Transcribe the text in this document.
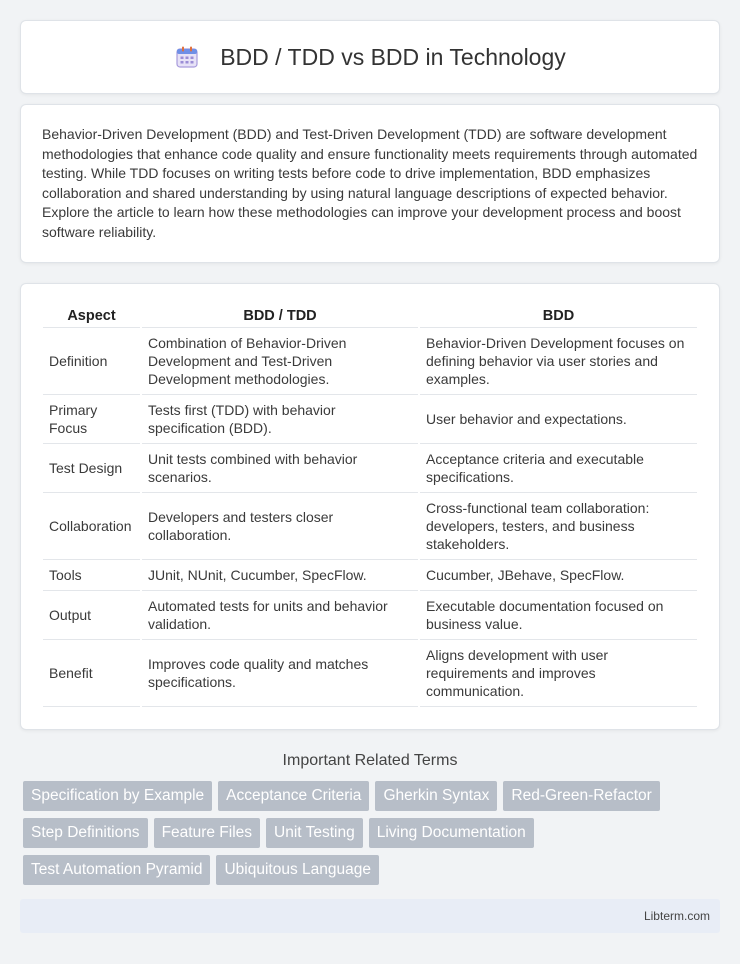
BDD / TDD vs BDD in Technology

Behavior-Driven Development (BDD) and Test-Driven Development (TDD) are software development methodologies that enhance code quality and ensure functionality meets requirements through automated testing. While TDD focuses on writing tests before code to drive implementation, BDD emphasizes collaboration and shared understanding by using natural language descriptions of expected behavior. Explore the article to learn how these methodologies can improve your development process and boost software reliability.

Aspect	BDD / TDD	BDD
Definition	Combination of Behavior-Driven Development and Test-Driven Development methodologies.	Behavior-Driven Development focuses on defining behavior via user stories and examples.
Primary Focus	Tests first (TDD) with behavior specification (BDD).	User behavior and expectations.
Test Design	Unit tests combined with behavior scenarios.	Acceptance criteria and executable specifications.
Collaboration	Developers and testers closer collaboration.	Cross-functional team collaboration: developers, testers, and business stakeholders.
Tools	JUnit, NUnit, Cucumber, SpecFlow.	Cucumber, JBehave, SpecFlow.
Output	Automated tests for units and behavior validation.	Executable documentation focused on business value.
Benefit	Improves code quality and matches specifications.	Aligns development with user requirements and improves communication.
Important Related Terms
Specification by Example	Acceptance Criteria	Gherkin Syntax	Red-Green-Refactor
Step Definitions	Feature Files	Unit Testing	Living Documentation
Test Automation Pyramid	Ubiquitous Language
Libterm.com
